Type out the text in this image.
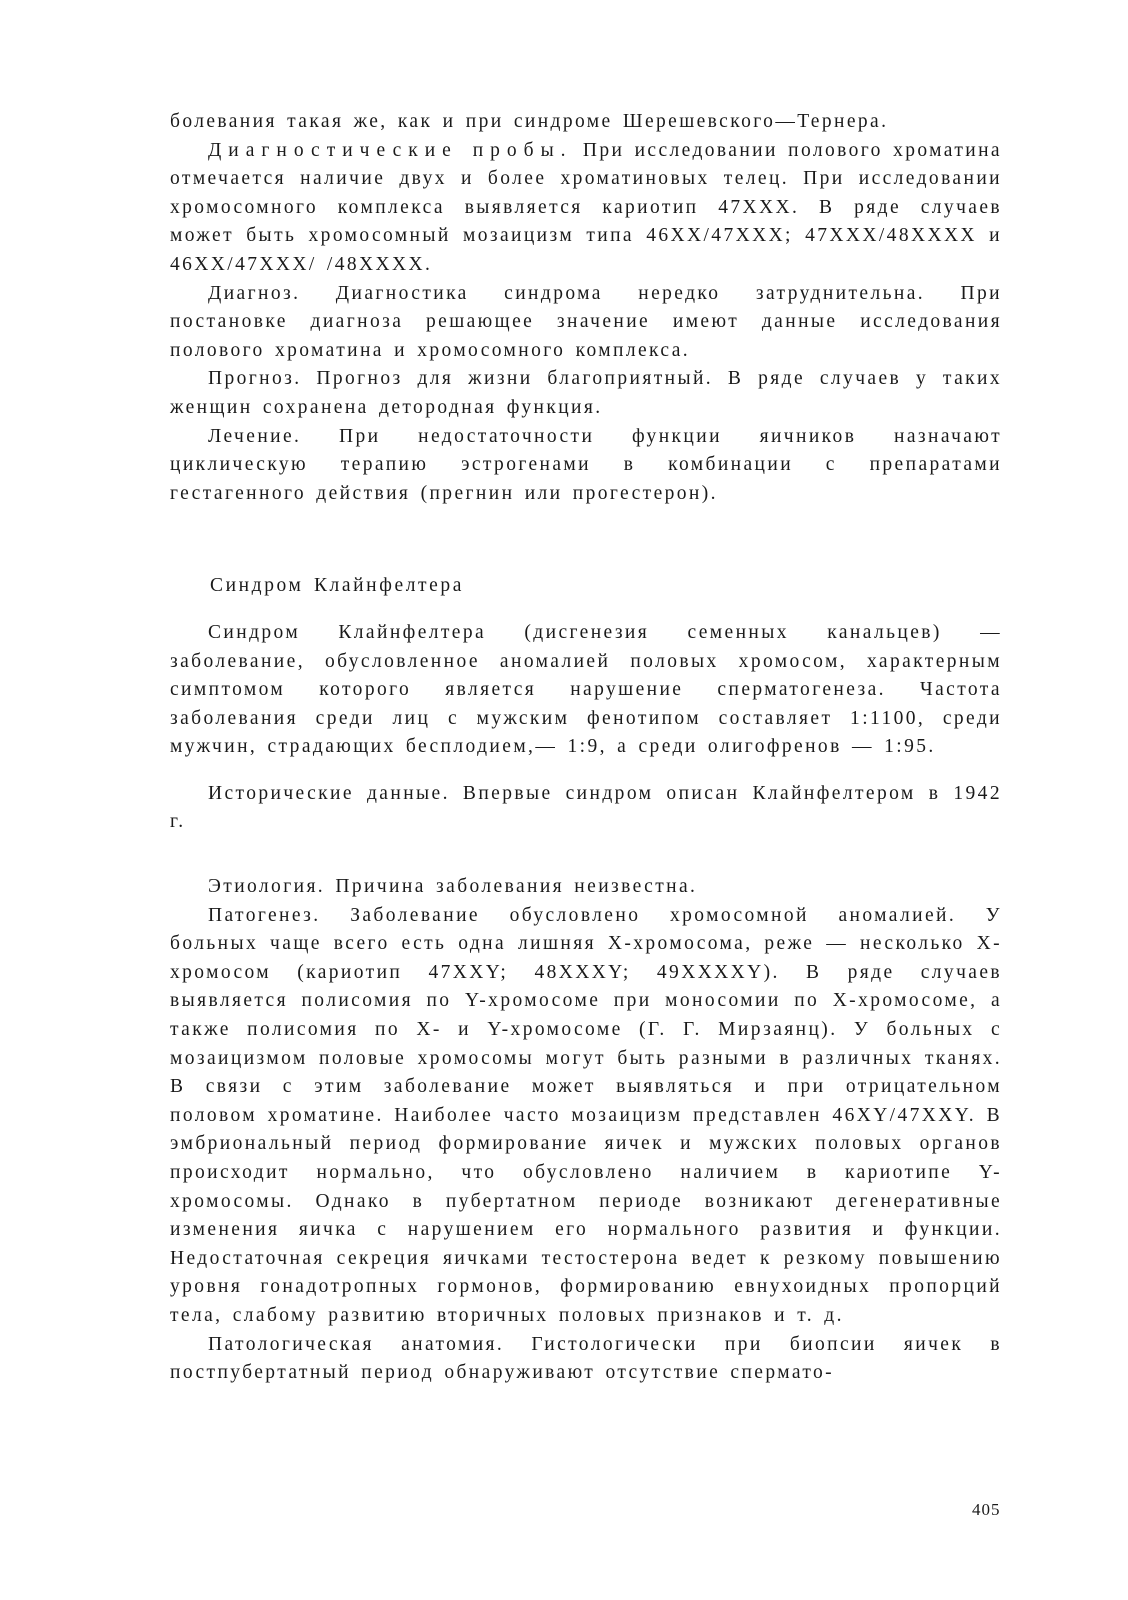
болевания такая же, как и при синдроме Шерешевского—Тернера.

Диагностические пробы. При исследовании полового хроматина отмечается наличие двух и более хроматиновых телец. При исследовании хромосомного комплекса выявляется кариотип 47XXX. В ряде случаев может быть хромосомный мозаицизм типа 46XX/47XXX; 47XXX/48XXXX и 46XX/47XXX/ /48XXXX.

Диагноз. Диагностика синдрома нередко затруднительна. При постановке диагноза решающее значение имеют данные исследования полового хроматина и хромосомного комплекса.

Прогноз. Прогноз для жизни благоприятный. В ряде случаев у таких женщин сохранена детородная функция.

Лечение. При недостаточности функции яичников назначают циклическую терапию эстрогенами в комбинации с препаратами гестагенного действия (прегнин или прогестерон).

Синдром Клайнфелтера

Синдром Клайнфелтера (дисгенезия семенных канальцев) — заболевание, обусловленное аномалией половых хромосом, характерным симптомом которого является нарушение сперматогенеза. Частота заболевания среди лиц с мужским фенотипом составляет 1:1100, среди мужчин, страдающих бесплодием,— 1:9, а среди олигофренов — 1:95.

Исторические данные. Впервые синдром описан Клайнфелтером в 1942 г.

Этиология. Причина заболевания неизвестна.

Патогенез. Заболевание обусловлено хромосомной аномалией. У больных чаще всего есть одна лишняя Х-хромосома, реже — несколько Х-хромосом (кариотип 47XXY; 48XXXY; 49XXXXY). В ряде случаев выявляется полисомия по Y-хромосоме при моносомии по Х-хромосоме, а также полисомия по Х- и Y-хромосоме (Г. Г. Мирзаянц). У больных с мозаицизмом половые хромосомы могут быть разными в различных тканях. В связи с этим заболевание может выявляться и при отрицательном половом хроматине. Наиболее часто мозаицизм представлен 46XY/47XXY. В эмбриональный период формирование яичек и мужских половых органов происходит нормально, что обусловлено наличием в кариотипе Y-хромосомы. Однако в пубертатном периоде возникают дегенеративные изменения яичка с нарушением его нормального развития и функции. Недостаточная секреция яичками тестостерона ведет к резкому повышению уровня гонадотропных гормонов, формированию евнухоидных пропорций тела, слабому развитию вторичных половых признаков и т. д.

Патологическая анатомия. Гистологически при биопсии яичек в постпубертатный период обнаруживают отсутствие спермато-

405
